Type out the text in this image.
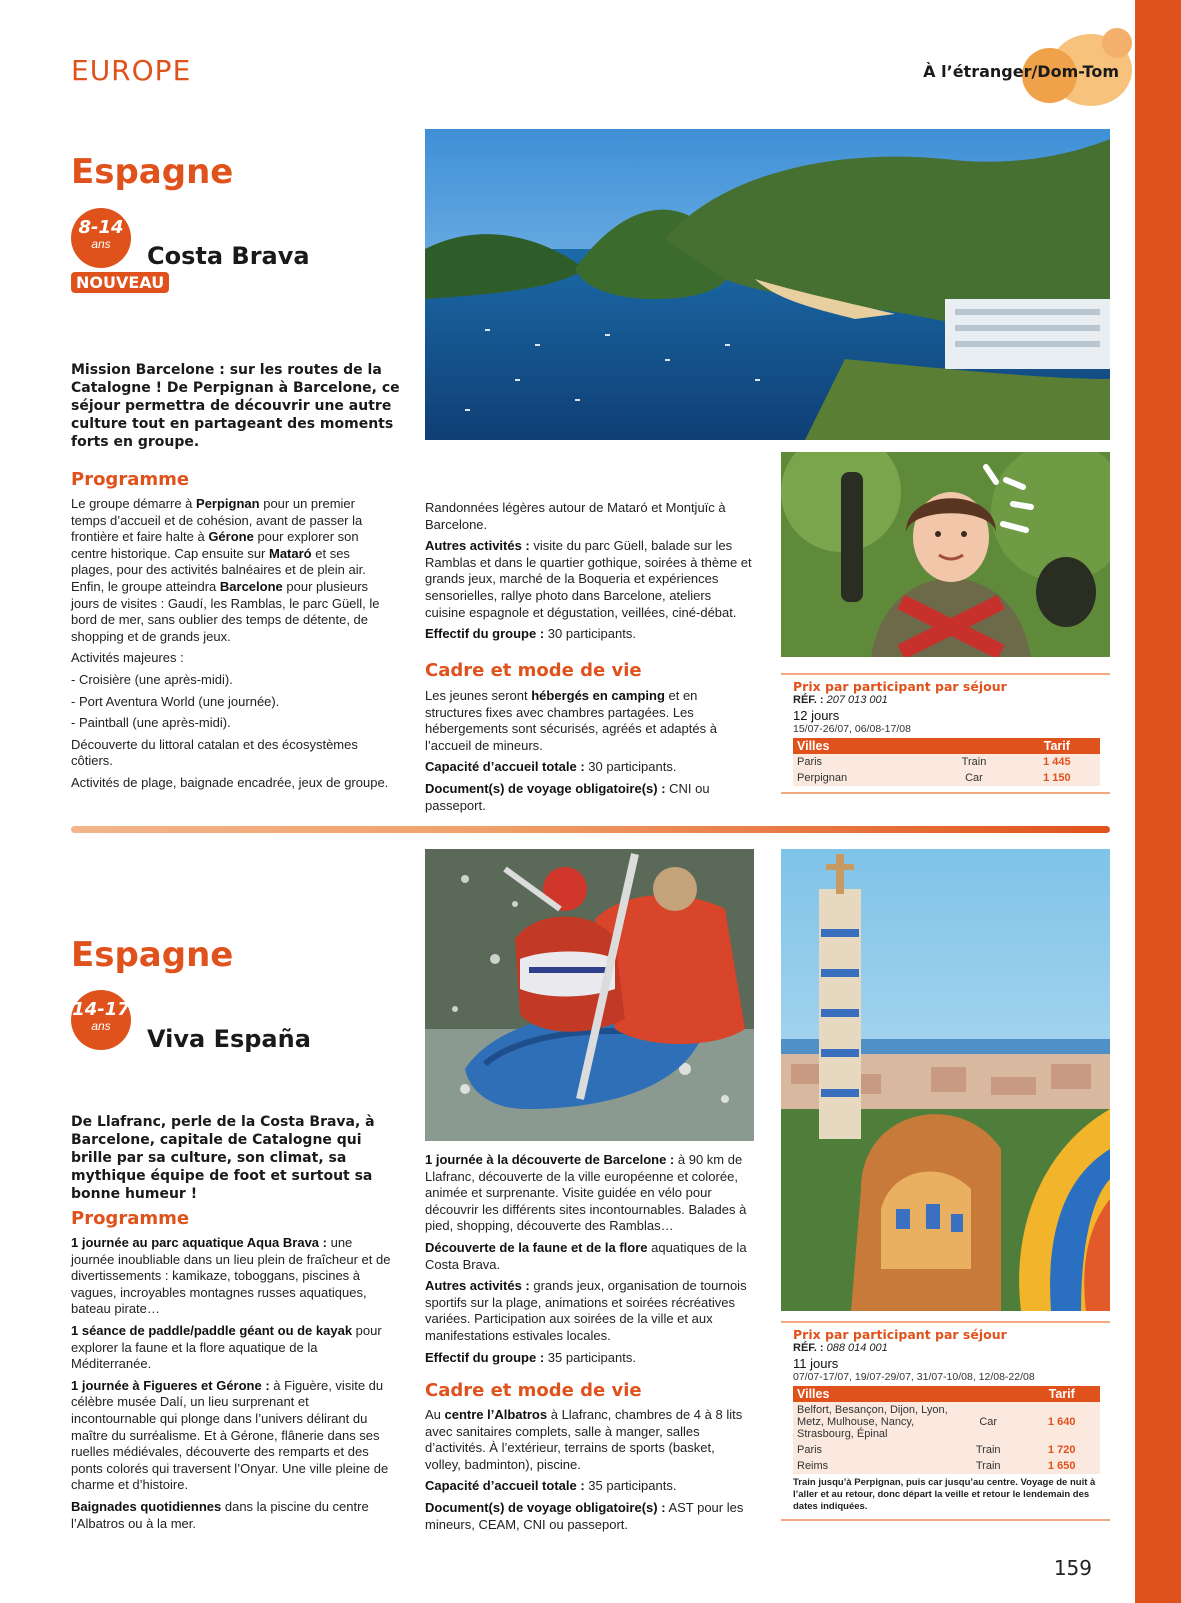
EUROPE	À l’étranger/Dom-Tom
Espagne
8-14
ans
NOUVEAU
Costa Brava
Mission Barcelone : sur les routes de la Catalogne ! De Perpignan à Barcelone, ce séjour permettra de découvrir une autre culture tout en partageant des moments forts en groupe.
Programme

Le groupe démarre à Perpignan pour un premier temps d’accueil et de cohésion, avant de passer la frontière et faire halte à Gérone pour explorer son centre historique. Cap ensuite sur Mataró et ses plages, pour des activités balnéaires et de plein air. Enfin, le groupe atteindra Barcelone pour plusieurs jours de visites : Gaudí, les Ramblas, le parc Güell, le bord de mer, sans oublier des temps de détente, de shopping et de grands jeux.

Activités majeures :

- Croisière (une après-midi).

- Port Aventura World (une journée).

- Paintball (une après-midi).

Découverte du littoral catalan et des écosystèmes côtiers.

Activités de plage, baignade encadrée, jeux de groupe.

Randonnées légères autour de Mataró et Montjuïc à Barcelone.

Autres activités : visite du parc Güell, balade sur les Ramblas et dans le quartier gothique, soirées à thème et grands jeux, marché de la Boqueria et expériences sensorielles, rallye photo dans Barcelone, ateliers cuisine espagnole et dégustation, veillées, ciné-débat.

Effectif du groupe : 30 participants.

Cadre et mode de vie

Les jeunes seront hébergés en camping et en structures fixes avec chambres partagées. Les hébergements sont sécurisés, agréés et adaptés à l’accueil de mineurs.

Capacité d’accueil totale : 30 participants.

Document(s) de voyage obligatoire(s) : CNI ou passeport.

Prix par participant par séjour
RÉF. : 207 013 001
12 jours
15/07-26/07, 06/08-17/08
Villes		Tarif
Paris	Train	1 445
Perpignan	Car	1 150
Espagne
14-17
ans	Viva España
De Llafranc, perle de la Costa Brava, à Barcelone, capitale de Catalogne qui brille par sa culture, son climat, sa mythique équipe de foot et surtout sa bonne humeur !
Programme

1 journée au parc aquatique Aqua Brava : une journée inoubliable dans un lieu plein de fraîcheur et de divertissements : kamikaze, toboggans, piscines à vagues, incroyables montagnes russes aquatiques, bateau pirate…

1 séance de paddle/paddle géant ou de kayak pour explorer la faune et la flore aquatique de la Méditerranée.

1 journée à Figueres et Gérone : à Figuère, visite du célèbre musée Dalí, un lieu surprenant et incontournable qui plonge dans l’univers délirant du maître du surréalisme. Et à Gérone, flânerie dans ses ruelles médiévales, découverte des remparts et des ponts colorés qui traversent l’Onyar. Une ville pleine de charme et d’histoire.

Baignades quotidiennes dans la piscine du centre l’Albatros ou à la mer.

1 journée à la découverte de Barcelone : à 90 km de Llafranc, découverte de la ville européenne et colorée, animée et surprenante. Visite guidée en vélo pour découvrir les différents sites incontournables. Balades à pied, shopping, découverte des Ramblas…

Découverte de la faune et de la flore aquatiques de la Costa Brava.

Autres activités : grands jeux, organisation de tournois sportifs sur la plage, animations et soirées récréatives variées. Participation aux soirées de la ville et aux manifestations estivales locales.

Effectif du groupe : 35 participants.

Cadre et mode de vie

Au centre l’Albatros à Llafranc, chambres de 4 à 8 lits avec sanitaires complets, salle à manger, salles d’activités. À l’extérieur, terrains de sports (basket, volley, badminton), piscine.

Capacité d’accueil totale : 35 participants.

Document(s) de voyage obligatoire(s) : AST pour les mineurs, CEAM, CNI ou passeport.

Prix par participant par séjour
RÉF. : 088 014 001
11 jours
07/07-17/07, 19/07-29/07, 31/07-10/08, 12/08-22/08
Villes		Tarif
Belfort, Besançon, Dijon, Lyon, Metz, Mulhouse, Nancy, Strasbourg, Épinal	Car	1 640
Paris	Train	1 720
Reims	Train	1 650
Train jusqu’à Perpignan, puis car jusqu’au centre. Voyage de nuit à l’aller et au retour, donc départ la veille et retour le lendemain des dates indiquées.
159
